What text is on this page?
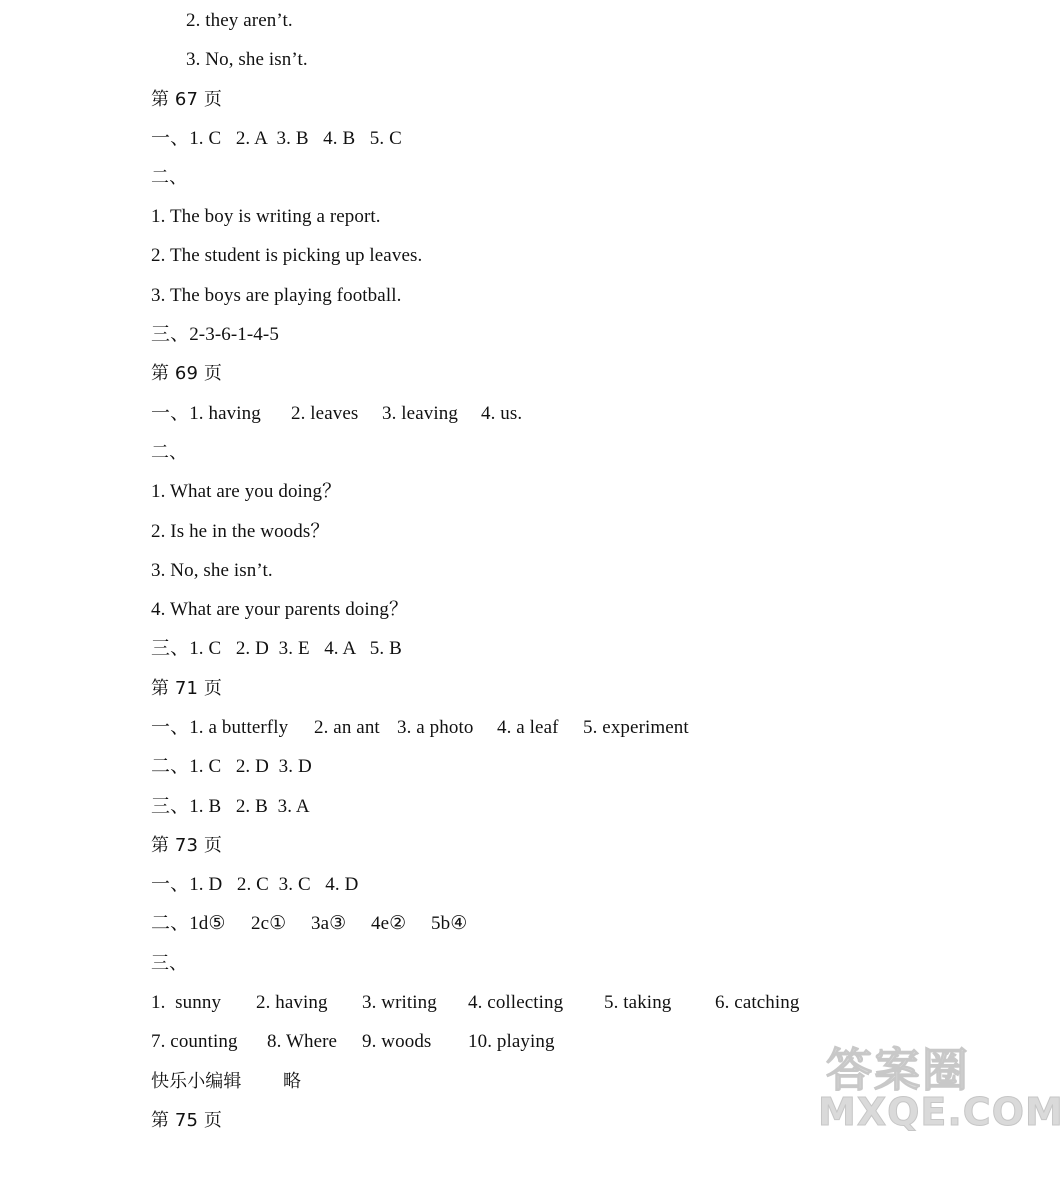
2. they aren’t.
3. No, she isn’t.
第 67 页
一、1. C   2. A  3. B   4. B   5. C
二、
1. The boy is writing a report.
2. The student is picking up leaves.
3. The boys are playing football.
三、2-3-6-1-4-5
第 69 页

一、1. having

2. leaves

3. leaving

4. us.

二、
1. What are you doing？
2. Is he in the woods？
3. No, she isn’t.
4. What are your parents doing？
三、1. C   2. D  3. E   4. A   5. B
第 71 页

一、1. a butterfly

2. an ant

3. a photo

4. a leaf

5. experiment

二、1. C   2. D  3. D
三、1. B   2. B  3. A
第 73 页
一、1. D   2. C  3. C   4. D

二、1d⑤

2c①

3a③

4e②

5b④

三、

1.  sunny

2. having

3. writing

4. collecting

5. taking

6. catching

7. counting

8. Where

9. woods

10. playing

快乐小编辑

略

第 75 页
答案圈
MXQE.COM
